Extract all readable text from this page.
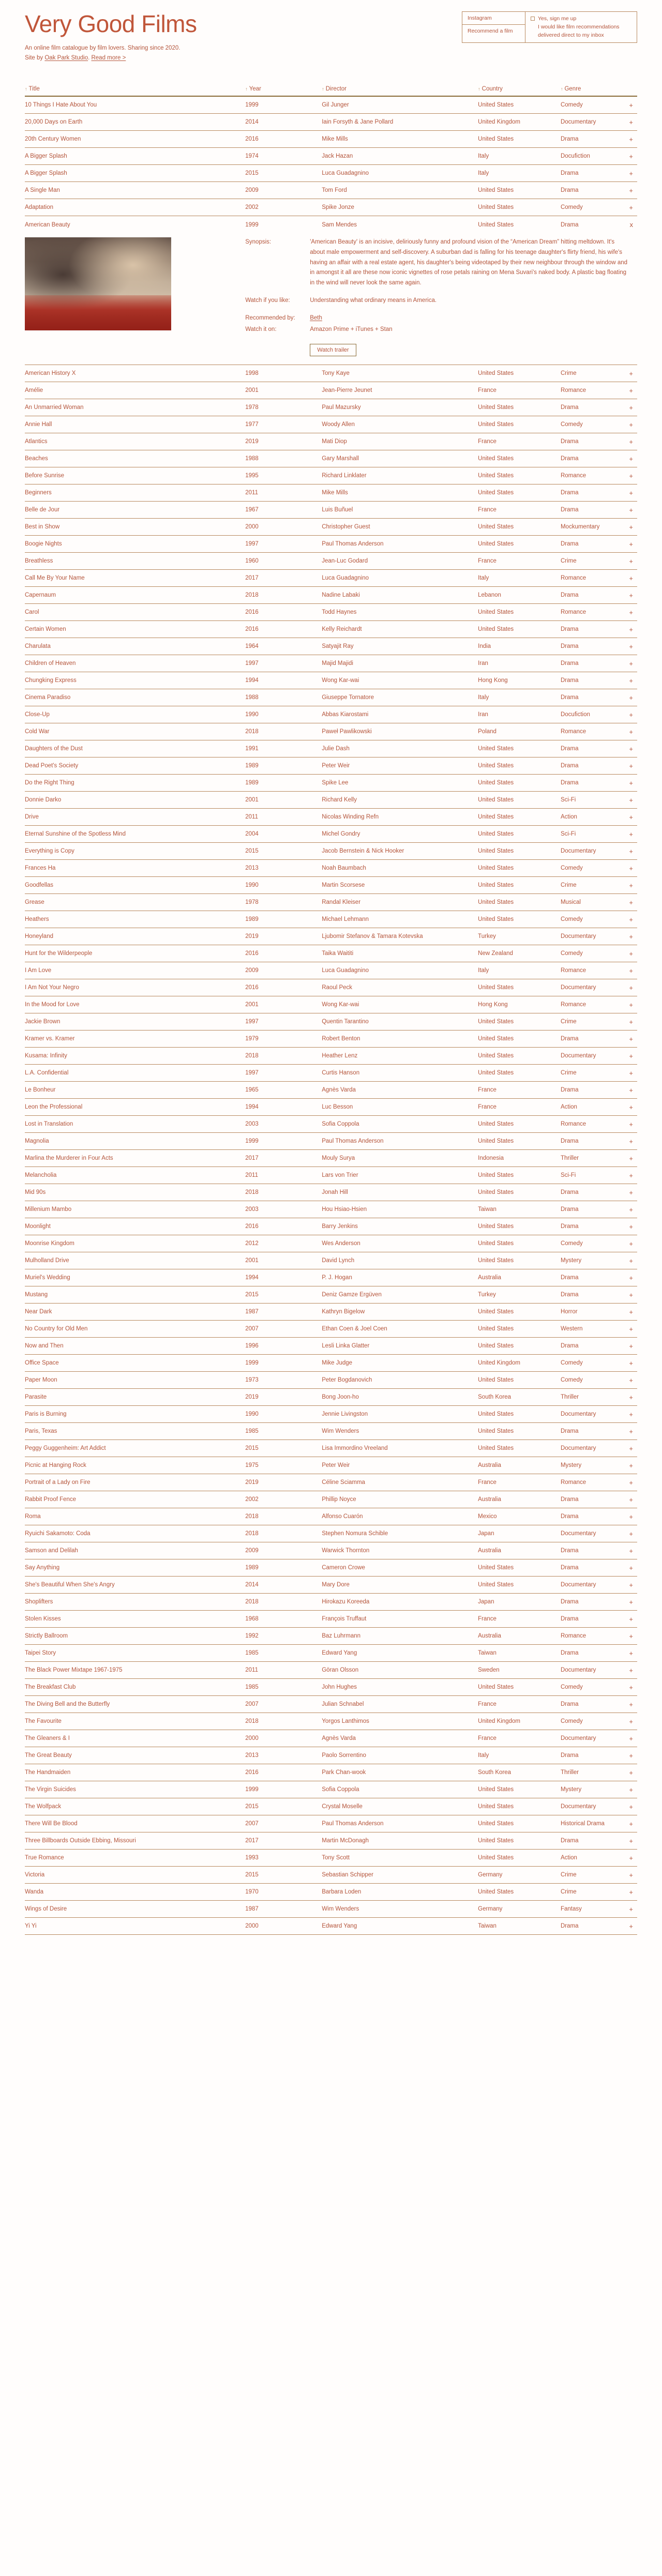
Very Good Films
An online film catalogue by film lovers. Sharing since 2020.
Site by Oak Park Studio. Read more >
Instagram
Recommend a film
Yes, sign me up
I would like film recommendations
delivered direct to my inbox
↑ Title	↑ Year	↑ Director	↑ Country	↑ Genre
10 Things I Hate About You	1999	Gil Junger	United States	Comedy	+
20,000 Days on Earth	2014	Iain Forsyth & Jane Pollard	United Kingdom	Documentary	+
20th Century Women	2016	Mike Mills	United States	Drama	+
A Bigger Splash	1974	Jack Hazan	Italy	Docufiction	+
A Bigger Splash	2015	Luca Guadagnino	Italy	Drama	+
A Single Man	2009	Tom Ford	United States	Drama	+
Adaptation	2002	Spike Jonze	United States	Comedy	+
American Beauty	1999	Sam Mendes	United States	Drama	x
Synopsis:	'American Beauty' is an incisive, deliriously funny and profound vision of the “American Dream” hitting meltdown. It's about male empowerment and self-discovery. A suburban dad is falling for his teenage daughter's flirty friend, his wife's having an affair with a real estate agent, his daughter's being videotaped by their new neighbour through the window and in amongst it all are these now iconic vignettes of rose petals raining on Mena Suvari's naked body. A plastic bag floating in the wind will never look the same again.
Watch if you like:	Understanding what ordinary means in America.
Recommended by:	Beth
Watch it on:	Amazon Prime + iTunes + Stan
Watch trailer
American History X	1998	Tony Kaye	United States	Crime	+
Amélie	2001	Jean-Pierre Jeunet	France	Romance	+
An Unmarried Woman	1978	Paul Mazursky	United States	Drama	+
Annie Hall	1977	Woody Allen	United States	Comedy	+
Atlantics	2019	Mati Diop	France	Drama	+
Beaches	1988	Gary Marshall	United States	Drama	+
Before Sunrise	1995	Richard Linklater	United States	Romance	+
Beginners	2011	Mike Mills	United States	Drama	+
Belle de Jour	1967	Luis Buñuel	France	Drama	+
Best in Show	2000	Christopher Guest	United States	Mockumentary	+
Boogie Nights	1997	Paul Thomas Anderson	United States	Drama	+
Breathless	1960	Jean-Luc Godard	France	Crime	+
Call Me By Your Name	2017	Luca Guadagnino	Italy	Romance	+
Capernaum	2018	Nadine Labaki	Lebanon	Drama	+
Carol	2016	Todd Haynes	United States	Romance	+
Certain Women	2016	Kelly Reichardt	United States	Drama	+
Charulata	1964	Satyajit Ray	India	Drama	+
Children of Heaven	1997	Majid Majidi	Iran	Drama	+
Chungking Express	1994	Wong Kar-wai	Hong Kong	Drama	+
Cinema Paradiso	1988	Giuseppe Tornatore	Italy	Drama	+
Close-Up	1990	Abbas Kiarostami	Iran	Docufiction	+
Cold War	2018	Paweł Pawlikowski	Poland	Romance	+
Daughters of the Dust	1991	Julie Dash	United States	Drama	+
Dead Poet's Society	1989	Peter Weir	United States	Drama	+
Do the Right Thing	1989	Spike Lee	United States	Drama	+
Donnie Darko	2001	Richard Kelly	United States	Sci-Fi	+
Drive	2011	Nicolas Winding Refn	United States	Action	+
Eternal Sunshine of the Spotless Mind	2004	Michel Gondry	United States	Sci-Fi	+
Everything is Copy	2015	Jacob Bernstein & Nick Hooker	United States	Documentary	+
Frances Ha	2013	Noah Baumbach	United States	Comedy	+
Goodfellas	1990	Martin Scorsese	United States	Crime	+
Grease	1978	Randal Kleiser	United States	Musical	+
Heathers	1989	Michael Lehmann	United States	Comedy	+
Honeyland	2019	Ljubomir Stefanov & Tamara Kotevska	Turkey	Documentary	+
Hunt for the Wilderpeople	2016	Taika Waititi	New Zealand	Comedy	+
I Am Love	2009	Luca Guadagnino	Italy	Romance	+
I Am Not Your Negro	2016	Raoul Peck	United States	Documentary	+
In the Mood for Love	2001	Wong Kar-wai	Hong Kong	Romance	+
Jackie Brown	1997	Quentin Tarantino	United States	Crime	+
Kramer vs. Kramer	1979	Robert Benton	United States	Drama	+
Kusama: Infinity	2018	Heather Lenz	United States	Documentary	+
L.A. Confidential	1997	Curtis Hanson	United States	Crime	+
Le Bonheur	1965	Agnès Varda	France	Drama	+
Leon the Professional	1994	Luc Besson	France	Action	+
Lost in Translation	2003	Sofia Coppola	United States	Romance	+
Magnolia	1999	Paul Thomas Anderson	United States	Drama	+
Marlina the Murderer in Four Acts	2017	Mouly Surya	Indonesia	Thriller	+
Melancholia	2011	Lars von Trier	United States	Sci-Fi	+
Mid 90s	2018	Jonah Hill	United States	Drama	+
Millenium Mambo	2003	Hou Hsiao-Hsien	Taiwan	Drama	+
Moonlight	2016	Barry Jenkins	United States	Drama	+
Moonrise Kingdom	2012	Wes Anderson	United States	Comedy	+
Mulholland Drive	2001	David Lynch	United States	Mystery	+
Muriel's Wedding	1994	P. J. Hogan	Australia	Drama	+
Mustang	2015	Deniz Gamze Ergüven	Turkey	Drama	+
Near Dark	1987	Kathryn Bigelow	United States	Horror	+
No Country for Old Men	2007	Ethan Coen & Joel Coen	United States	Western	+
Now and Then	1996	Lesli Linka Glatter	United States	Drama	+
Office Space	1999	Mike Judge	United Kingdom	Comedy	+
Paper Moon	1973	Peter Bogdanovich	United States	Comedy	+
Parasite	2019	Bong Joon-ho	South Korea	Thriller	+
Paris is Burning	1990	Jennie Livingston	United States	Documentary	+
Paris, Texas	1985	Wim Wenders	United States	Drama	+
Peggy Guggenheim: Art Addict	2015	Lisa Immordino Vreeland	United States	Documentary	+
Picnic at Hanging Rock	1975	Peter Weir	Australia	Mystery	+
Portrait of a Lady on Fire	2019	Céline Sciamma	France	Romance	+
Rabbit Proof Fence	2002	Phillip Noyce	Australia	Drama	+
Roma	2018	Alfonso Cuarón	Mexico	Drama	+
Ryuichi Sakamoto: Coda	2018	Stephen Nomura Schible	Japan	Documentary	+
Samson and Delilah	2009	Warwick Thornton	Australia	Drama	+
Say Anything	1989	Cameron Crowe	United States	Drama	+
She's Beautiful When She's Angry	2014	Mary Dore	United States	Documentary	+
Shoplifters	2018	Hirokazu Koreeda	Japan	Drama	+
Stolen Kisses	1968	François Truffaut	France	Drama	+
Strictly Ballroom	1992	Baz Luhrmann	Australia	Romance	+
Taipei Story	1985	Edward Yang	Taiwan	Drama	+
The Black Power Mixtape 1967-1975	2011	Göran Olsson	Sweden	Documentary	+
The Breakfast Club	1985	John Hughes	United States	Comedy	+
The Diving Bell and the Butterfly	2007	Julian Schnabel	France	Drama	+
The Favourite	2018	Yorgos Lanthimos	United Kingdom	Comedy	+
The Gleaners & I	2000	Agnès Varda	France	Documentary	+
The Great Beauty	2013	Paolo Sorrentino	Italy	Drama	+
The Handmaiden	2016	Park Chan-wook	South Korea	Thriller	+
The Virgin Suicides	1999	Sofia Coppola	United States	Mystery	+
The Wolfpack	2015	Crystal Moselle	United States	Documentary	+
There Will Be Blood	2007	Paul Thomas Anderson	United States	Historical Drama	+
Three Billboards Outside Ebbing, Missouri	2017	Martin McDonagh	United States	Drama	+
True Romance	1993	Tony Scott	United States	Action	+
Victoria	2015	Sebastian Schipper	Germany	Crime	+
Wanda	1970	Barbara Loden	United States	Crime	+
Wings of Desire	1987	Wim Wenders	Germany	Fantasy	+
Yi Yi	2000	Edward Yang	Taiwan	Drama	+
